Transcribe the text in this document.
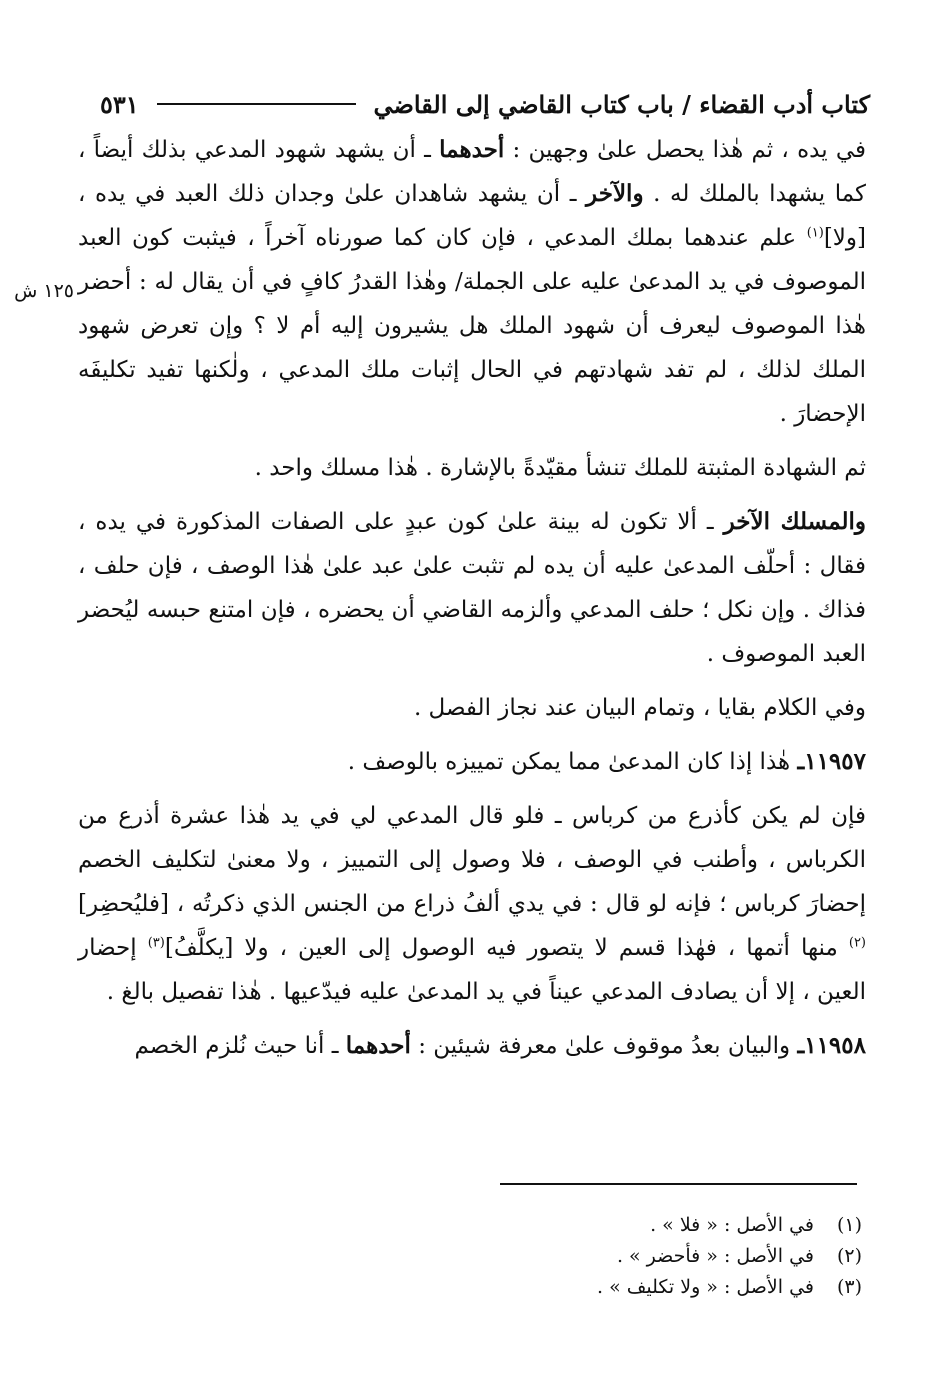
كتاب أدب القضاء / باب كتاب القاضي إلى القاضي
٥٣١
١٢٥ ش

في يده ، ثم هٰذا يحصل علىٰ وجهين : أحدهما ـ أن يشهد شهود المدعي بذلك أيضاً ، كما يشهدا بالملك له . والآخر ـ أن يشهد شاهدان علىٰ وجدان ذلك العبد في يده ، [ولا]$^{(١)}$ علم عندهما بملك المدعي ، فإن كان كما صورناه آخراً ، فيثبت كون العبد الموصوف في يد المدعىٰ عليه على الجملة/ وهٰذا القدرُ كافٍ في أن يقال له : أحضر هٰذا الموصوف ليعرف أن شهود الملك هل يشيرون إليه أم لا ؟ وإن تعرض شهود الملك لذلك ، لم تفد شهادتهم في الحال إثبات ملك المدعي ، ولٰكنها تفيد تكليفَه الإحضارَ .

ثم الشهادة المثبتة للملك تنشأ مقيّدةً بالإشارة . هٰذا مسلك واحد .

والمسلك الآخر ـ ألا تكون له بينة علىٰ كون عبدٍ على الصفات المذكورة في يده ، فقال : أحلّف المدعىٰ عليه أن يده لم تثبت علىٰ عبد علىٰ هٰذا الوصف ، فإن حلف ، فذاك . وإن نكل ؛ حلف المدعي وألزمه القاضي أن يحضره ، فإن امتنع حبسه ليُحضر العبد الموصوف .

وفي الكلام بقايا ، وتمام البيان عند نجاز الفصل .

١١٩٥٧ـ هٰذا إذا كان المدعىٰ مما يمكن تمييزه بالوصف .

فإن لم يكن كأذرع من كرباس ـ فلو قال المدعي لي في يد هٰذا عشرة أذرع من الكرباس ، وأطنب في الوصف ، فلا وصول إلى التمييز ، ولا معنىٰ لتكليف الخصم إحضارَ كرباس ؛ فإنه لو قال : في يدي ألفُ ذراع من الجنس الذي ذكرتُه ، [فليُحضِر]$^{(٢)}$ منها أتمها ، فهٰذا قسم لا يتصور فيه الوصول إلى العين ، ولا [يكلَّفُ]$^{(٣)}$ إحضار العين ، إلا أن يصادف المدعي عيناً في يد المدعىٰ عليه فيدّعيها . هٰذا تفصيل بالغ .

١١٩٥٨ـ والبيان بعدُ موقوف علىٰ معرفة شيئين : أحدهما ـ أنا حيث نُلزم الخصم

(١)
في الأصل : « فلا » .
(٢)
في الأصل : « فأحضر » .
(٣)
في الأصل : « ولا تكليف » .
